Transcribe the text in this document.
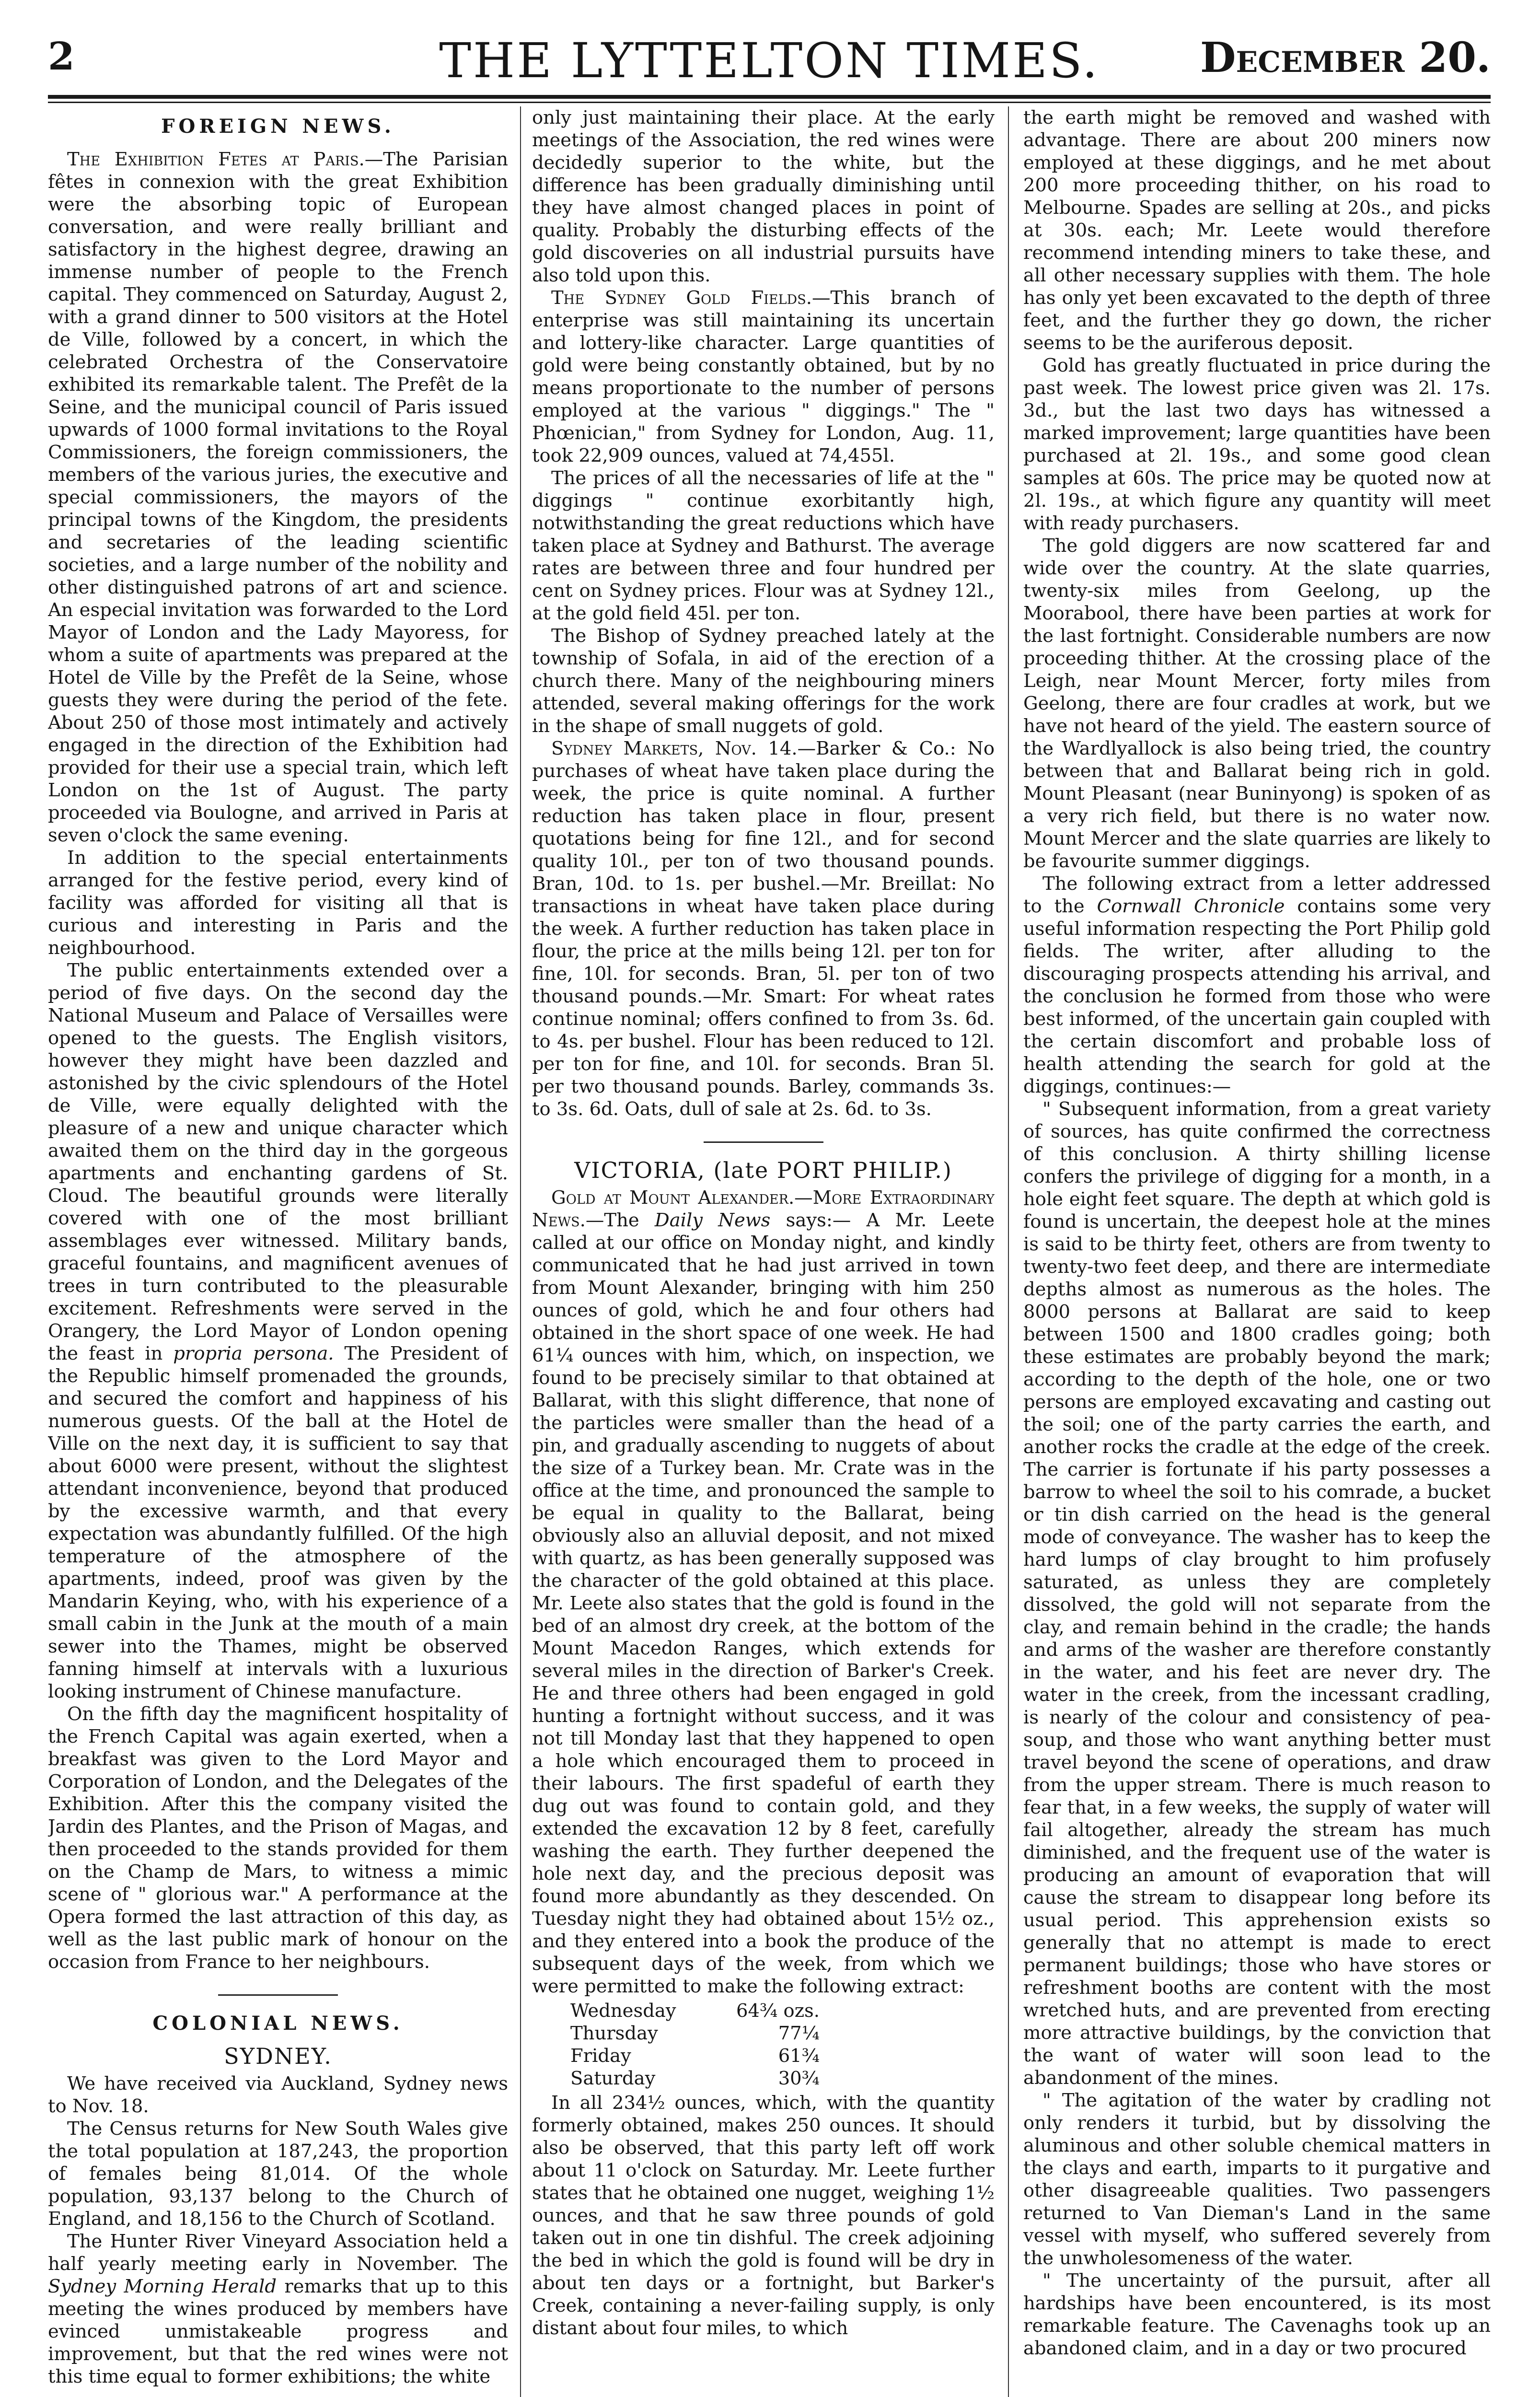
2	THE LYTTELTON TIMES.	December 20.
FOREIGN NEWS.

The Exhibition Fetes at Paris.—The Parisian fêtes in connexion with the great Exhibition were the absorbing topic of European conversation, and were really brilliant and satisfactory in the highest degree, drawing an immense number of people to the French capital. They commenced on Saturday, August 2, with a grand dinner to 500 visitors at the Hotel de Ville, followed by a concert, in which the celebrated Orchestra of the Conservatoire exhibited its remarkable talent. The Prefêt de la Seine, and the municipal council of Paris issued upwards of 1000 formal invitations to the Royal Commissioners, the foreign commissioners, the members of the various juries, the executive and special commissioners, the mayors of the principal towns of the Kingdom, the presidents and secretaries of the leading scientific societies, and a large number of the nobility and other distinguished patrons of art and science. An especial invitation was forwarded to the Lord Mayor of London and the Lady Mayoress, for whom a suite of apartments was prepared at the Hotel de Ville by the Prefêt de la Seine, whose guests they were during the period of the fete. About 250 of those most intimately and actively engaged in the direction of the Exhibition had provided for their use a special train, which left London on the 1st of August. The party proceeded via Boulogne, and arrived in Paris at seven o'clock the same evening.

In addition to the special entertainments arranged for the festive period, every kind of facility was afforded for visiting all that is curious and interesting in Paris and the neighbourhood.

The public entertainments extended over a period of five days. On the second day the National Museum and Palace of Versailles were opened to the guests. The English visitors, however they might have been dazzled and astonished by the civic splendours of the Hotel de Ville, were equally delighted with the pleasure of a new and unique character which awaited them on the third day in the gorgeous apartments and enchanting gardens of St. Cloud. The beautiful grounds were literally covered with one of the most brilliant assemblages ever witnessed. Military bands, graceful fountains, and magnificent avenues of trees in turn contributed to the pleasurable excitement. Refreshments were served in the Orangery, the Lord Mayor of London opening the feast in propria persona. The President of the Republic himself promenaded the grounds, and secured the comfort and happiness of his numerous guests. Of the ball at the Hotel de Ville on the next day, it is sufficient to say that about 6000 were present, without the slightest attendant inconvenience, beyond that produced by the excessive warmth, and that every expectation was abundantly fulfilled. Of the high temperature of the atmosphere of the apartments, indeed, proof was given by the Mandarin Keying, who, with his experience of a small cabin in the Junk at the mouth of a main sewer into the Thames, might be observed fanning himself at intervals with a luxurious looking instrument of Chinese manufacture.

On the fifth day the magnificent hospitality of the French Capital was again exerted, when a breakfast was given to the Lord Mayor and Corporation of London, and the Delegates of the Exhibition. After this the company visited the Jardin des Plantes, and the Prison of Magas, and then proceeded to the stands provided for them on the Champ de Mars, to witness a mimic scene of " glorious war." A performance at the Opera formed the last attraction of this day, as well as the last public mark of honour on the occasion from France to her neighbours.

COLONIAL NEWS.
SYDNEY.

We have received via Auckland, Sydney news to Nov. 18.

The Census returns for New South Wales give the total population at 187,243, the proportion of females being 81,014. Of the whole population, 93,137 belong to the Church of England, and 18,156 to the Church of Scotland.

The Hunter River Vineyard Association held a half yearly meeting early in November. The Sydney Morning Herald remarks that up to this meeting the wines produced by members have evinced unmistakeable progress and improvement, but that the red wines were not this time equal to former exhibitions; the white

only just maintaining their place. At the early meetings of the Association, the red wines were decidedly superior to the white, but the difference has been gradually diminishing until they have almost changed places in point of quality. Probably the disturbing effects of the gold discoveries on all industrial pursuits have also told upon this.

The Sydney Gold Fields.—This branch of enterprise was still maintaining its uncertain and lottery-like character. Large quantities of gold were being constantly obtained, but by no means proportionate to the number of persons employed at the various " diggings." The " Phœnician," from Sydney for London, Aug. 11, took 22,909 ounces, valued at 74,455l.

The prices of all the necessaries of life at the " diggings " continue exorbitantly high, notwithstanding the great reductions which have taken place at Sydney and Bathurst. The average rates are between three and four hundred per cent on Sydney prices. Flour was at Sydney 12l., at the gold field 45l. per ton.

The Bishop of Sydney preached lately at the township of Sofala, in aid of the erection of a church there. Many of the neighbouring miners attended, several making offerings for the work in the shape of small nuggets of gold.

Sydney Markets, Nov. 14.—Barker & Co.: No purchases of wheat have taken place during the week, the price is quite nominal. A further reduction has taken place in flour, present quotations being for fine 12l., and for second quality 10l., per ton of two thousand pounds. Bran, 10d. to 1s. per bushel.—Mr. Breillat: No transactions in wheat have taken place during the week. A further reduction has taken place in flour, the price at the mills being 12l. per ton for fine, 10l. for seconds. Bran, 5l. per ton of two thousand pounds.—Mr. Smart: For wheat rates continue nominal; offers confined to from 3s. 6d. to 4s. per bushel. Flour has been reduced to 12l. per ton for fine, and 10l. for seconds. Bran 5l. per two thousand pounds. Barley, commands 3s. to 3s. 6d. Oats, dull of sale at 2s. 6d. to 3s.

VICTORIA, (late PORT PHILIP.)

Gold at Mount Alexander.—More Extraordinary News.—The Daily News says:— A Mr. Leete called at our office on Monday night, and kindly communicated that he had just arrived in town from Mount Alexander, bringing with him 250 ounces of gold, which he and four others had obtained in the short space of one week. He had 61¼ ounces with him, which, on inspection, we found to be precisely similar to that obtained at Ballarat, with this slight difference, that none of the particles were smaller than the head of a pin, and gradually ascending to nuggets of about the size of a Turkey bean. Mr. Crate was in the office at the time, and pronounced the sample to be equal in quality to the Ballarat, being obviously also an alluvial deposit, and not mixed with quartz, as has been generally supposed was the character of the gold obtained at this place. Mr. Leete also states that the gold is found in the bed of an almost dry creek, at the bottom of the Mount Macedon Ranges, which extends for several miles in the direction of Barker's Creek. He and three others had been engaged in gold hunting a fortnight without success, and it was not till Monday last that they happened to open a hole which encouraged them to proceed in their labours. The first spadeful of earth they dug out was found to contain gold, and they extended the excavation 12 by 8 feet, carefully washing the earth. They further deepened the hole next day, and the precious deposit was found more abundantly as they descended. On Tuesday night they had obtained about 15½ oz., and they entered into a book the produce of the subsequent days of the week, from which we were permitted to make the following extract:

Wednesday	64¾ ozs.
Thursday	77¼
Friday	61¾
Saturday	30¾

In all 234½ ounces, which, with the quantity formerly obtained, makes 250 ounces. It should also be observed, that this party left off work about 11 o'clock on Saturday. Mr. Leete further states that he obtained one nugget, weighing 1½ ounces, and that he saw three pounds of gold taken out in one tin dishful. The creek adjoining the bed in which the gold is found will be dry in about ten days or a fortnight, but Barker's Creek, containing a never-failing supply, is only distant about four miles, to which

the earth might be removed and washed with advantage. There are about 200 miners now employed at these diggings, and he met about 200 more proceeding thither, on his road to Melbourne. Spades are selling at 20s., and picks at 30s. each; Mr. Leete would therefore recommend intending miners to take these, and all other necessary supplies with them. The hole has only yet been excavated to the depth of three feet, and the further they go down, the richer seems to be the auriferous deposit.

Gold has greatly fluctuated in price during the past week. The lowest price given was 2l. 17s. 3d., but the last two days has witnessed a marked improvement; large quantities have been purchased at 2l. 19s., and some good clean samples at 60s. The price may be quoted now at 2l. 19s., at which figure any quantity will meet with ready purchasers.

The gold diggers are now scattered far and wide over the country. At the slate quarries, twenty-six miles from Geelong, up the Moorabool, there have been parties at work for the last fortnight. Considerable numbers are now proceeding thither. At the crossing place of the Leigh, near Mount Mercer, forty miles from Geelong, there are four cradles at work, but we have not heard of the yield. The eastern source of the Wardlyallock is also being tried, the country between that and Ballarat being rich in gold. Mount Pleasant (near Buninyong) is spoken of as a very rich field, but there is no water now. Mount Mercer and the slate quarries are likely to be favourite summer diggings.

The following extract from a letter addressed to the Cornwall Chronicle contains some very useful information respecting the Port Philip gold fields. The writer, after alluding to the discouraging prospects attending his arrival, and the conclusion he formed from those who were best informed, of the uncertain gain coupled with the certain discomfort and probable loss of health attending the search for gold at the diggings, continues:—

" Subsequent information, from a great variety of sources, has quite confirmed the correctness of this conclusion. A thirty shilling license confers the privilege of digging for a month, in a hole eight feet square. The depth at which gold is found is uncertain, the deepest hole at the mines is said to be thirty feet, others are from twenty to twenty-two feet deep, and there are intermediate depths almost as numerous as the holes. The 8000 persons at Ballarat are said to keep between 1500 and 1800 cradles going; both these estimates are probably beyond the mark; according to the depth of the hole, one or two persons are employed excavating and casting out the soil; one of the party carries the earth, and another rocks the cradle at the edge of the creek. The carrier is fortunate if his party possesses a barrow to wheel the soil to his comrade, a bucket or tin dish carried on the head is the general mode of conveyance. The washer has to keep the hard lumps of clay brought to him profusely saturated, as unless they are completely dissolved, the gold will not separate from the clay, and remain behind in the cradle; the hands and arms of the washer are therefore constantly in the water, and his feet are never dry. The water in the creek, from the incessant cradling, is nearly of the colour and consistency of pea-soup, and those who want anything better must travel beyond the scene of operations, and draw from the upper stream. There is much reason to fear that, in a few weeks, the supply of water will fail altogether, already the stream has much diminished, and the frequent use of the water is producing an amount of evaporation that will cause the stream to disappear long before its usual period. This apprehension exists so generally that no attempt is made to erect permanent buildings; those who have stores or refreshment booths are content with the most wretched huts, and are prevented from erecting more attractive buildings, by the conviction that the want of water will soon lead to the abandonment of the mines.

" The agitation of the water by cradling not only renders it turbid, but by dissolving the aluminous and other soluble chemical matters in the clays and earth, imparts to it purgative and other disagreeable qualities. Two passengers returned to Van Dieman's Land in the same vessel with myself, who suffered severely from the unwholesomeness of the water.

" The uncertainty of the pursuit, after all hardships have been encountered, is its most remarkable feature. The Cavenaghs took up an abandoned claim, and in a day or two procured
